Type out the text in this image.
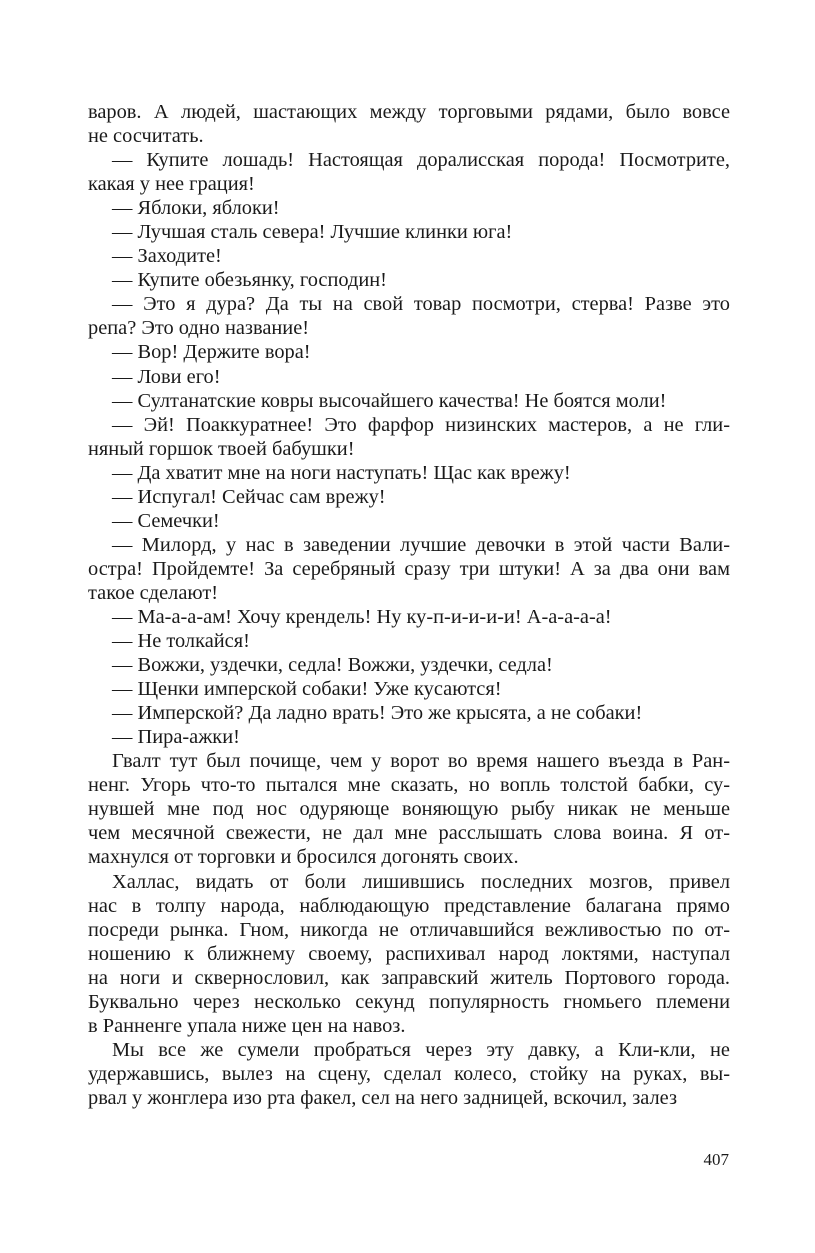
варов. А людей, шастающих между торговыми рядами, было вовсе
не сосчитать.

— Купите лошадь! Настоящая доралисская порода! Посмотрите,
какая у нее грация!

— Яблоки, яблоки!

— Лучшая сталь севера! Лучшие клинки юга!

— Заходите!

— Купите обезьянку, господин!

— Это я дура? Да ты на свой товар посмотри, стерва! Разве это
репа? Это одно название!

— Вор! Держите вора!

— Лови его!

— Султанатские ковры высочайшего качества! Не боятся моли!

— Эй! Поаккуратнее! Это фарфор низинских мастеров, а не гли-
няный горшок твоей бабушки!

— Да хватит мне на ноги наступать! Щас как врежу!

— Испугал! Сейчас сам врежу!

— Семечки!

— Милорд, у нас в заведении лучшие девочки в этой части Вали-
остра! Пройдемте! За серебряный сразу три штуки! А за два они вам
такое сделают!

— Ма-а-а-ам! Хочу крендель! Ну ку-п-и-и-и-и! А-а-а-а-а!

— Не толкайся!

— Вожжи, уздечки, седла! Вожжи, уздечки, седла!

— Щенки имперской собаки! Уже кусаются!

— Имперской? Да ладно врать! Это же крысята, а не собаки!

— Пира-ажки!

Гвалт тут был почище, чем у ворот во время нашего въезда в Ран-
ненг. Угорь что-то пытался мне сказать, но вопль толстой бабки, су-
нувшей мне под нос одуряюще воняющую рыбу никак не меньше
чем месячной свежести, не дал мне расслышать слова воина. Я от-
махнулся от торговки и бросился догонять своих.

Халлас, видать от боли лишившись последних мозгов, привел
нас в толпу народа, наблюдающую представление балагана прямо
посреди рынка. Гном, никогда не отличавшийся вежливостью по от-
ношению к ближнему своему, распихивал народ локтями, наступал
на ноги и сквернословил, как заправский житель Портового города.
Буквально через несколько секунд популярность гномьего племени
в Ранненге упала ниже цен на навоз.

Мы все же сумели пробраться через эту давку, а Кли-кли, не
удержавшись, вылез на сцену, сделал колесо, стойку на руках, вы-
рвал у жонглера изо рта факел, сел на него задницей, вскочил, залез

407
